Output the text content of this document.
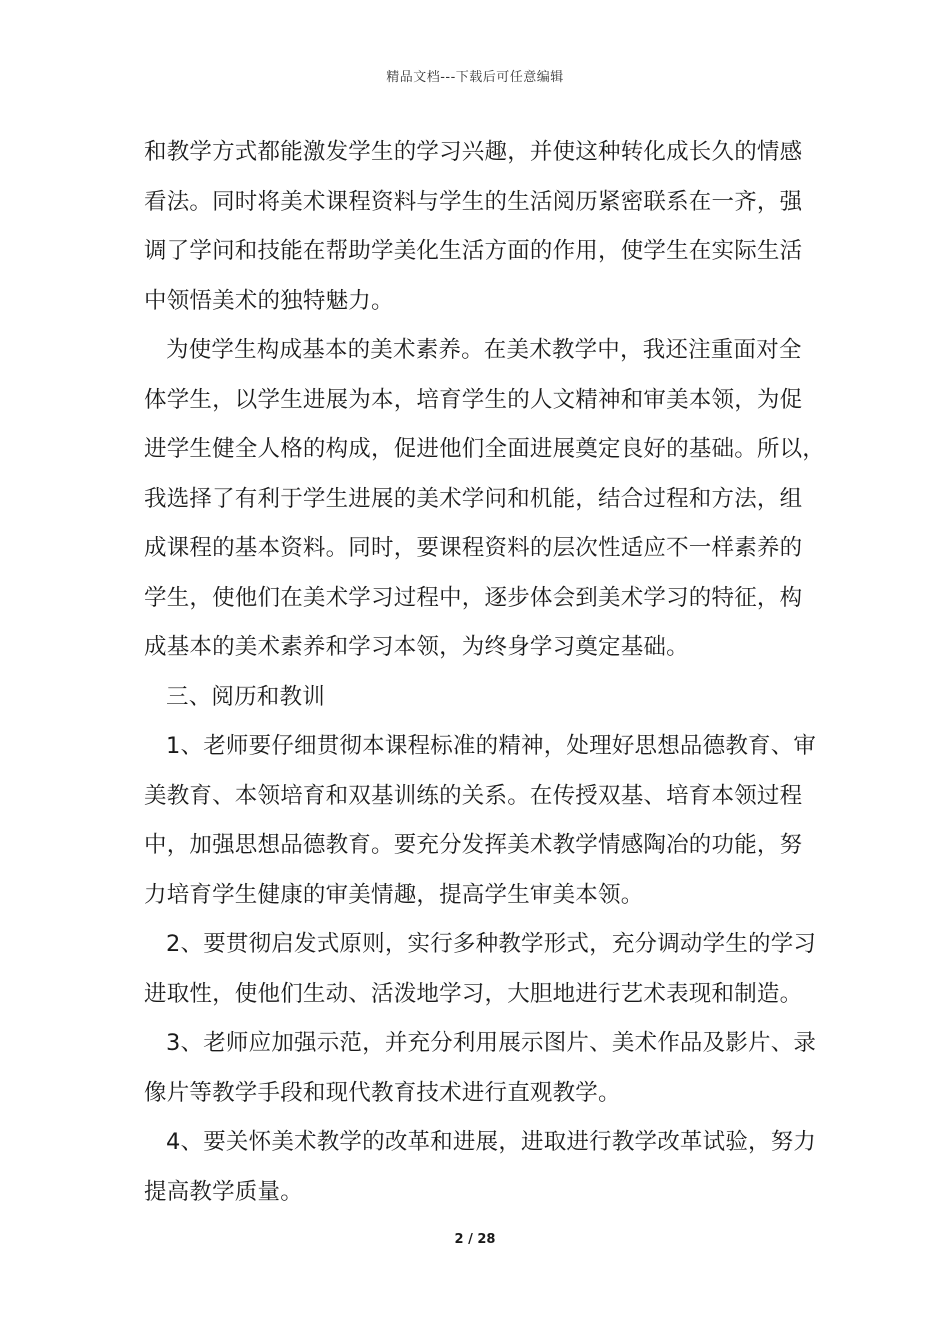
精品文档---下载后可任意编辑
和教学方式都能激发学生的学习兴趣，并使这种转化成长久的情感
看法。同时将美术课程资料与学生的生活阅历紧密联系在一齐，强
调了学问和技能在帮助学美化生活方面的作用，使学生在实际生活
中领悟美术的独特魅力。
为使学生构成基本的美术素养。在美术教学中，我还注重面对全
体学生，以学生进展为本，培育学生的人文精神和审美本领，为促
进学生健全人格的构成，促进他们全面进展奠定良好的基础。所以，
我选择了有利于学生进展的美术学问和机能，结合过程和方法，组
成课程的基本资料。同时，要课程资料的层次性适应不一样素养的
学生，使他们在美术学习过程中，逐步体会到美术学习的特征，构
成基本的美术素养和学习本领，为终身学习奠定基础。
三、阅历和教训
1、老师要仔细贯彻本课程标准的精神，处理好思想品德教育、审
美教育、本领培育和双基训练的关系。在传授双基、培育本领过程
中，加强思想品德教育。要充分发挥美术教学情感陶冶的功能，努
力培育学生健康的审美情趣，提高学生审美本领。
2、要贯彻启发式原则，实行多种教学形式，充分调动学生的学习
进取性，使他们生动、活泼地学习，大胆地进行艺术表现和制造。
3、老师应加强示范，并充分利用展示图片、美术作品及影片、录
像片等教学手段和现代教育技术进行直观教学。
4、要关怀美术教学的改革和进展，进取进行教学改革试验，努力
提高教学质量。
2 / 28
